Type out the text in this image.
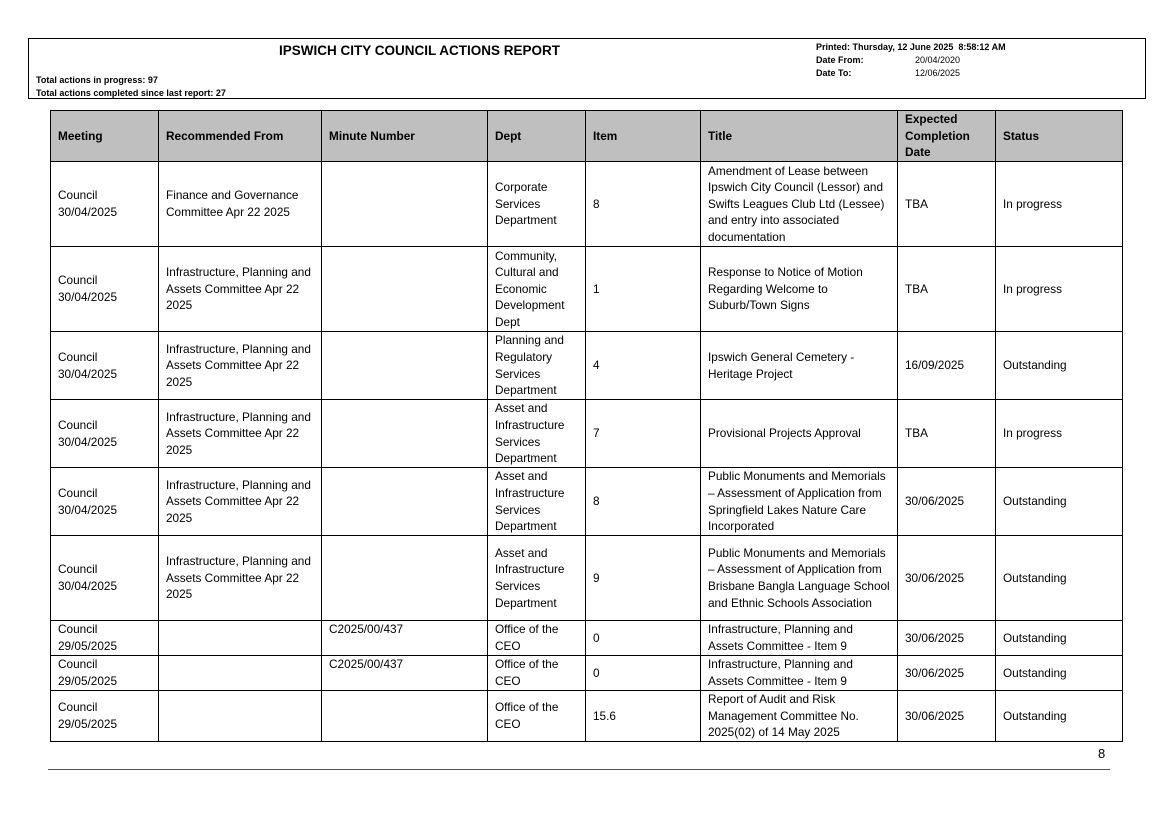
IPSWICH CITY COUNCIL ACTIONS REPORT
Total actions in progress: 97
Total actions completed since last report: 27
Printed: Thursday, 12 June 2025 8:58:12 AM
Date From:	20/04/2020
Date To:	12/06/2025
Meeting	Recommended From	Minute Number	Dept	Item	Title	Expected Completion Date	Status
Council 30/04/2025	Finance and Governance Committee Apr 22 2025		Corporate Services Department	8	Amendment of Lease between Ipswich City Council (Lessor) and Swifts Leagues Club Ltd (Lessee) and entry into associated documentation	TBA	In progress
Council 30/04/2025	Infrastructure, Planning and Assets Committee Apr 22 2025		Community, Cultural and Economic Development Dept	1	Response to Notice of Motion Regarding Welcome to Suburb/Town Signs	TBA	In progress
Council 30/04/2025	Infrastructure, Planning and Assets Committee Apr 22 2025		Planning and Regulatory Services Department	4	Ipswich General Cemetery - Heritage Project	16/09/2025	Outstanding
Council 30/04/2025	Infrastructure, Planning and Assets Committee Apr 22 2025		Asset and Infrastructure Services Department	7	Provisional Projects Approval	TBA	In progress
Council 30/04/2025	Infrastructure, Planning and Assets Committee Apr 22 2025		Asset and Infrastructure Services Department	8	Public Monuments and Memorials – Assessment of Application from Springfield Lakes Nature Care Incorporated	30/06/2025	Outstanding
Council 30/04/2025	Infrastructure, Planning and Assets Committee Apr 22 2025		Asset and Infrastructure Services Department	9	Public Monuments and Memorials – Assessment of Application from Brisbane Bangla Language School and Ethnic Schools Association	30/06/2025	Outstanding
Council 29/05/2025		C2025/00/437	Office of the CEO	0	Infrastructure, Planning and Assets Committee - Item 9	30/06/2025	Outstanding
Council 29/05/2025		C2025/00/437	Office of the CEO	0	Infrastructure, Planning and Assets Committee - Item 9	30/06/2025	Outstanding
Council 29/05/2025			Office of the CEO	15.6	Report of Audit and Risk Management Committee No. 2025(02) of 14 May 2025	30/06/2025	Outstanding
8
